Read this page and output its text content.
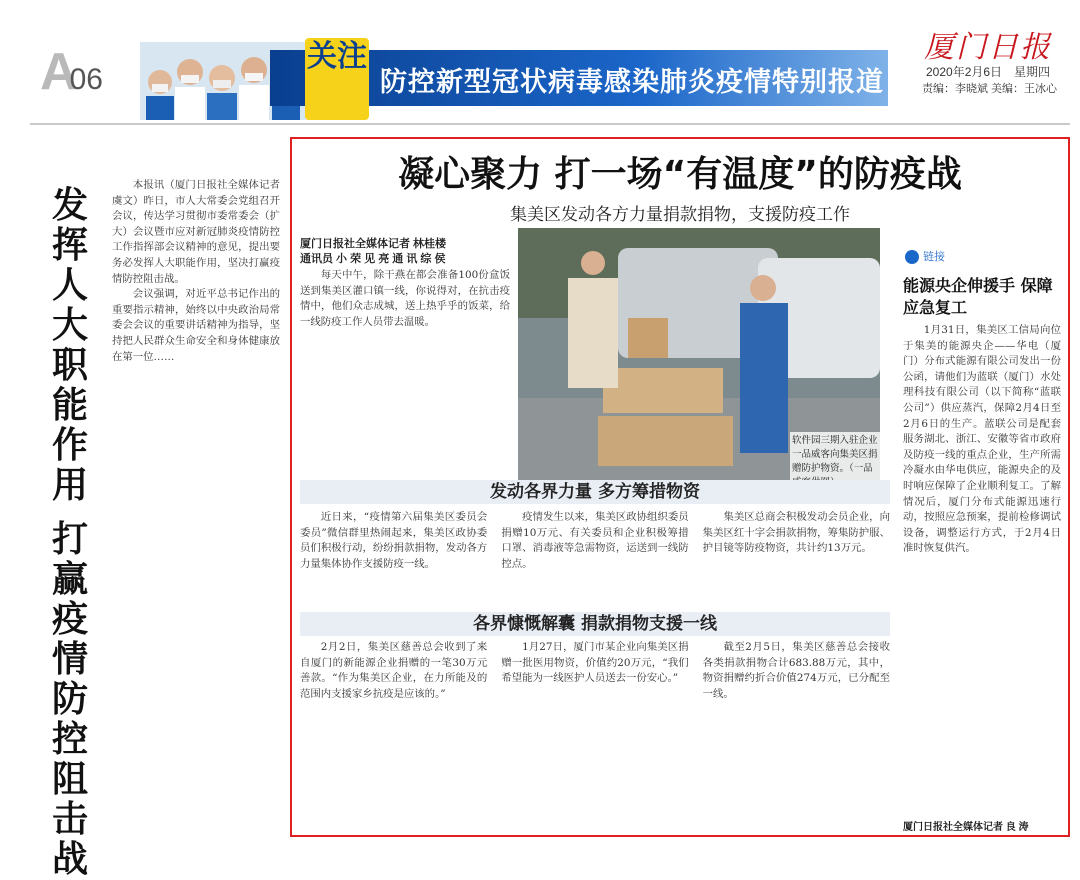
A06
关注
防控新型冠状病毒感染肺炎疫情特别报道
厦门日报
2020年2月6日　星期四
责编：李晓斌 美编：王冰心
发挥人大职能作用
打赢疫情防控阻击战

本报讯（厦门日报社全媒体记者 虞文）昨日，市人大常委会党组召开会议，传达学习贯彻市委常委会（扩大）会议暨市应对新冠肺炎疫情防控工作指挥部会议精神的意见，提出要务必发挥人大职能作用，坚决打赢疫情防控阻击战。

会议强调，对近平总书记作出的重要指示精神，始终以中央政治局常委会会议的重要讲话精神为指导，坚持把人民群众生命安全和身体健康放在第一位……

凝心聚力 打一场“有温度”的防疫战
集美区发动各方力量捐款捐物，支援防疫工作
厦门日报社全媒体记者 林桂楼
通讯员 小 荣 见 亮 通 讯 综 侯

每天中午，除干燕在都会准备100份盒饭送到集美区灌口镇一线，你说得对，在抗击疫情中，他们众志成城，送上热乎乎的饭菜，给一线防疫工作人员带去温暖。

软件园三期入驻企业一品威客向集美区捐赠防护物资。（一品
发动各界力量 多方筹措物资

近日来，“疫情第六届集美区委员会委员”微信群里热闹起来，集美区政协委员们积极行动，纷纷捐款捐物，发动各方力量集体协作支援防疫一线。

疫情发生以来，集美区政协组织委员捐赠10万元、有关委员和企业积极筹措口罩、消毒液等急需物资，运送到一线防控点。

集美区总商会积极发动会员企业，向集美区红十字会捐款捐物，筹集防护服、护目镜等防疫物资，共计约13万元。

各界慷慨解囊 捐款捐物支援一线

2月2日，集美区慈善总会收到了来自厦门的新能源企业捐赠的一笔30万元善款。“作为集美区企业，在力所能及的范围内支援家乡抗疫是应该的。”

1月27日，厦门市某企业向集美区捐赠一批医用物资，价值约20万元，“我们希望能为一线医护人员送去一份安心。”

截至2月5日，集美区慈善总会接收各类捐款捐物合计683.88万元，其中，物资捐赠约折合价值274万元，已分配至一线。

链接
能源央企伸援手 保障应急复工

1月31日，集美区工信局向位于集美的能源央企——华电（厦门）分布式能源有限公司发出一份公函，请他们为蓝联（厦门）水处理科技有限公司（以下简称“蓝联公司”）供应蒸汽，保障2月4日至2月6日的生产。蓝联公司是配套服务湖北、浙江、安徽等省市政府及防疫一线的重点企业，生产所需冷凝水由华电供应，能源央企的及时响应保障了企业顺利复工。了解情况后，厦门分布式能源迅速行动，按照应急预案，提前检修调试设备，调整运行方式，于2月4日准时恢复供汽。

厦门日报社全媒体记者 良 涛
